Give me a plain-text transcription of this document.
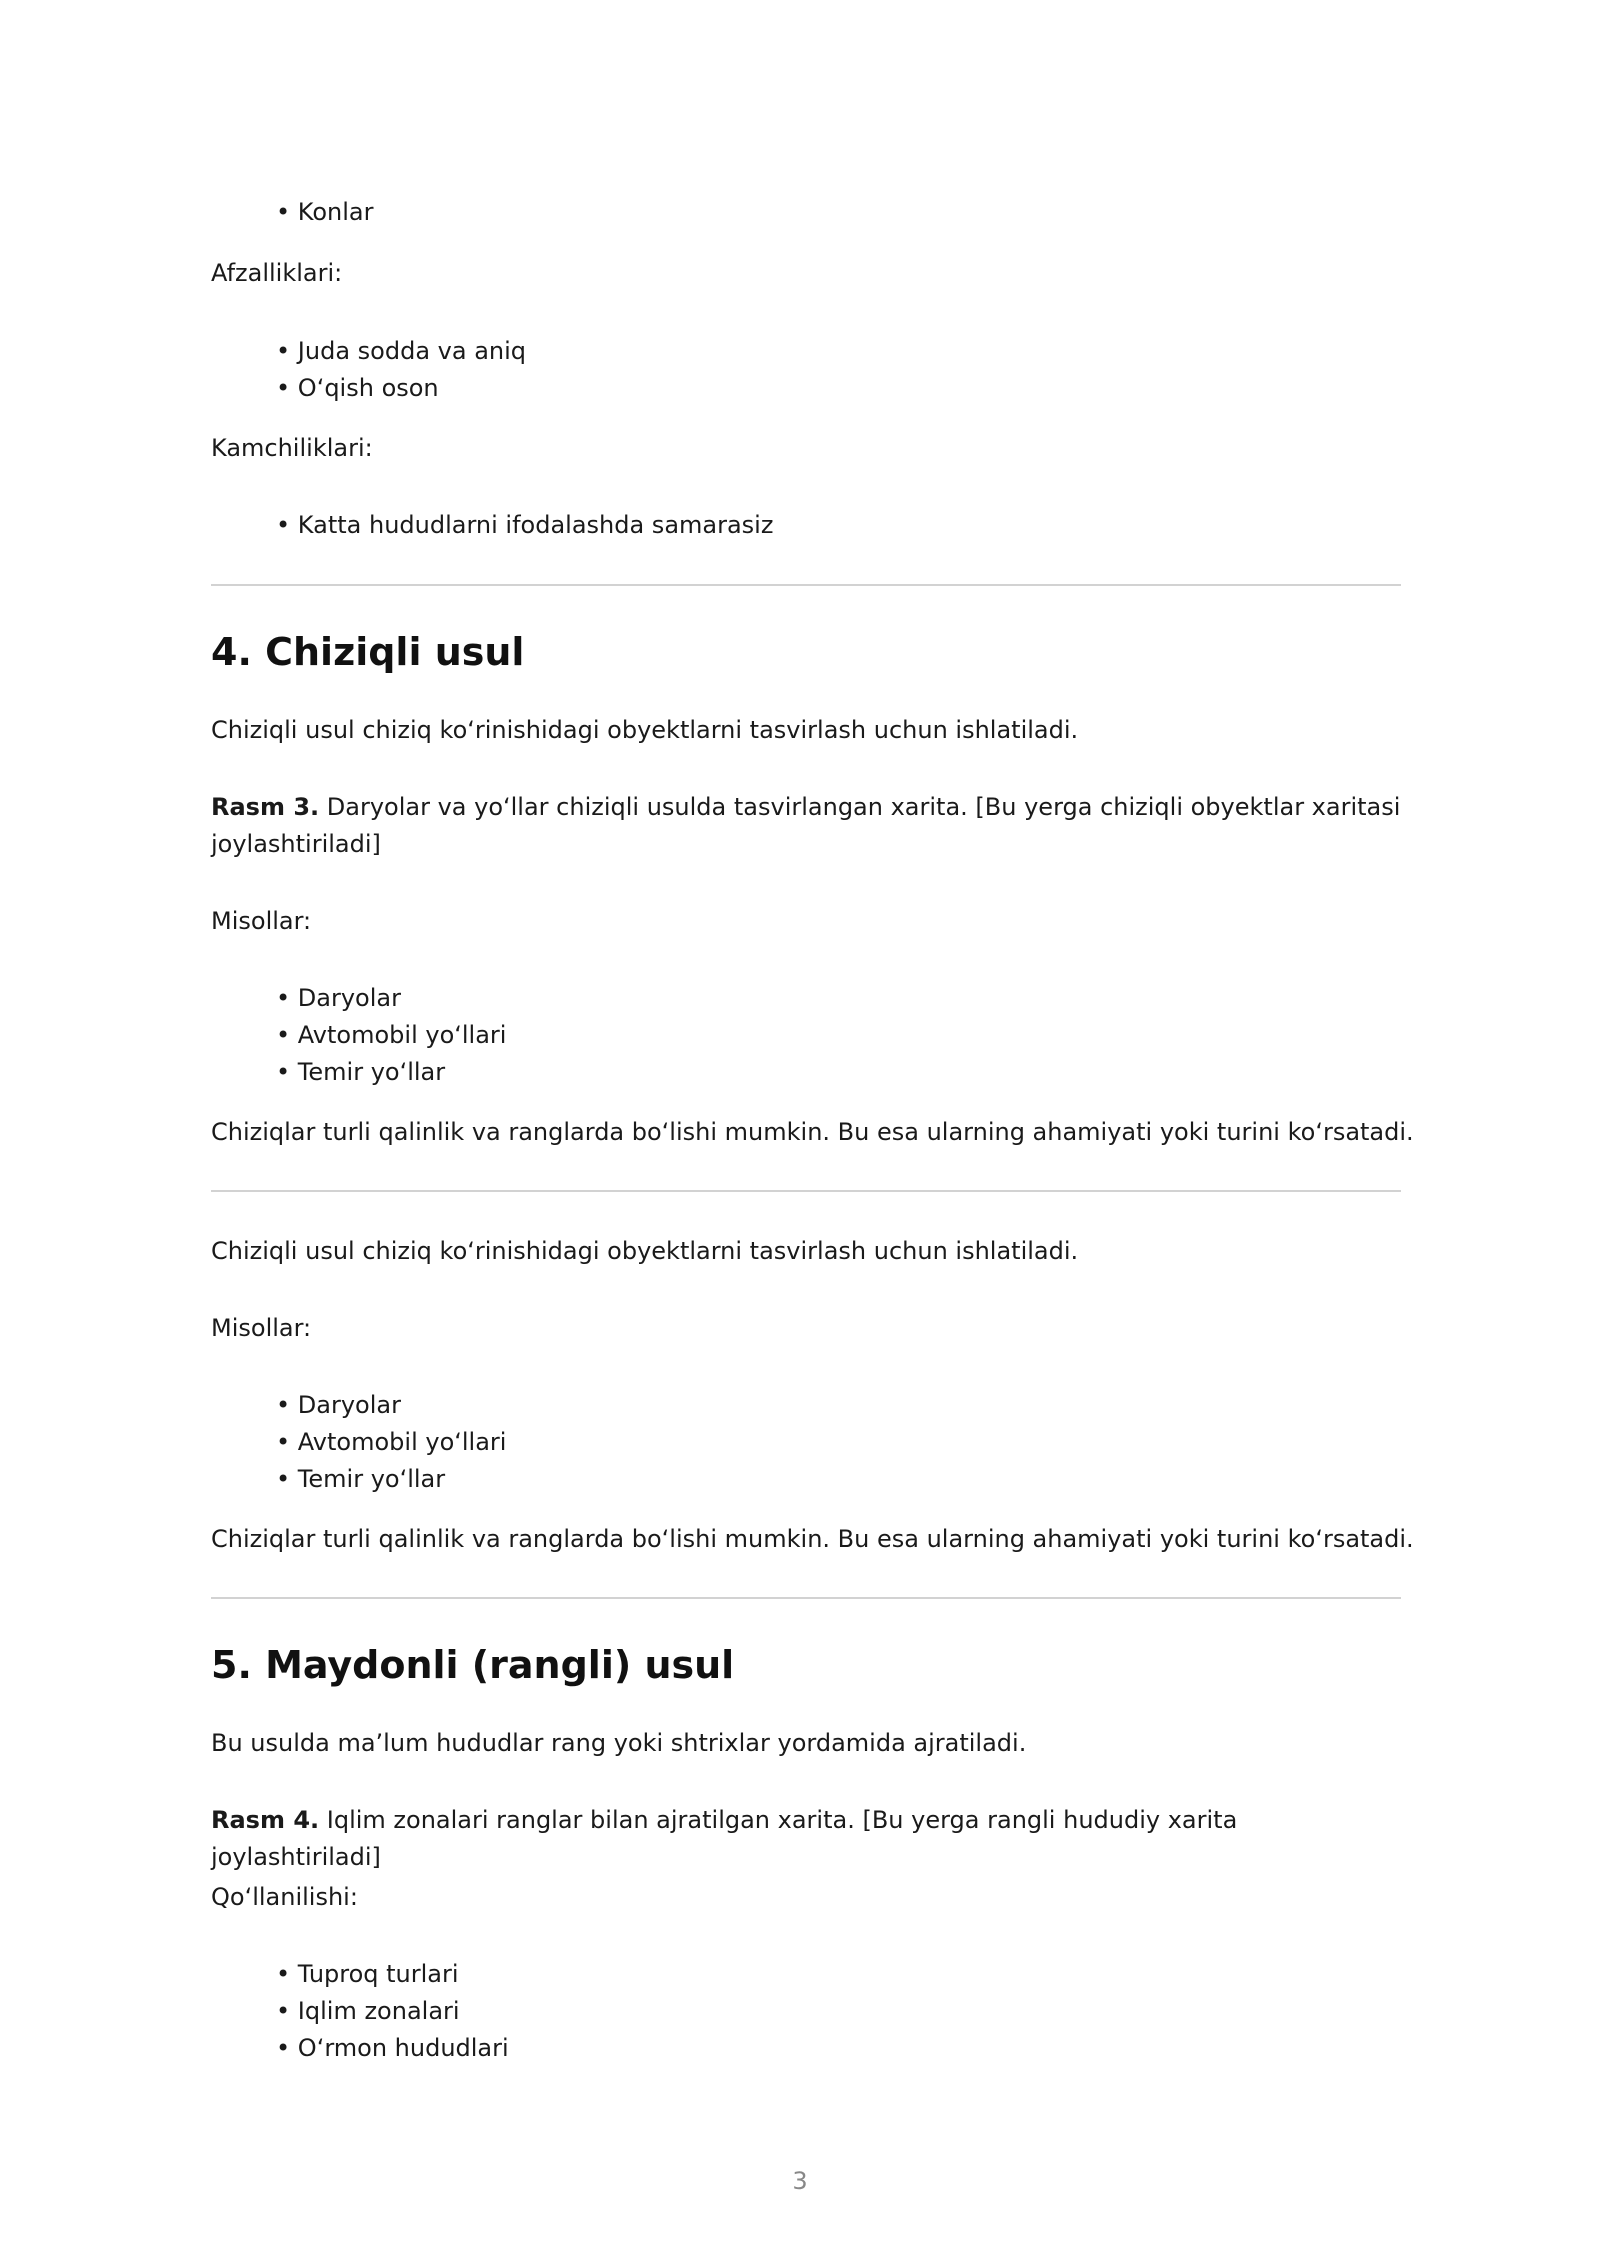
• Konlar

Afzalliklari:

• Juda sodda va aniq

• O‘qish oson

Kamchiliklari:

• Katta hududlarni ifodalashda samarasiz

4. Chiziqli usul

Chiziqli usul chiziq ko‘rinishidagi obyektlarni tasvirlash uchun ishlatiladi.

Rasm 3. Daryolar va yo‘llar chiziqli usulda tasvirlangan xarita. [Bu yerga chiziqli obyektlar xaritasi joylashtiriladi]

Misollar:

• Daryolar

• Avtomobil yo‘llari

• Temir yo‘llar

Chiziqlar turli qalinlik va ranglarda bo‘lishi mumkin. Bu esa ularning ahamiyati yoki turini ko‘rsatadi.

Chiziqli usul chiziq ko‘rinishidagi obyektlarni tasvirlash uchun ishlatiladi.

Misollar:

• Daryolar

• Avtomobil yo‘llari

• Temir yo‘llar

Chiziqlar turli qalinlik va ranglarda bo‘lishi mumkin. Bu esa ularning ahamiyati yoki turini ko‘rsatadi.

5. Maydonli (rangli) usul

Bu usulda ma’lum hududlar rang yoki shtrixlar yordamida ajratiladi.

Rasm 4. Iqlim zonalari ranglar bilan ajratilgan xarita. [Bu yerga rangli hududiy xarita joylashtiriladi]

Qo‘llanilishi:

• Tuproq turlari

• Iqlim zonalari

• O‘rmon hududlari

3
